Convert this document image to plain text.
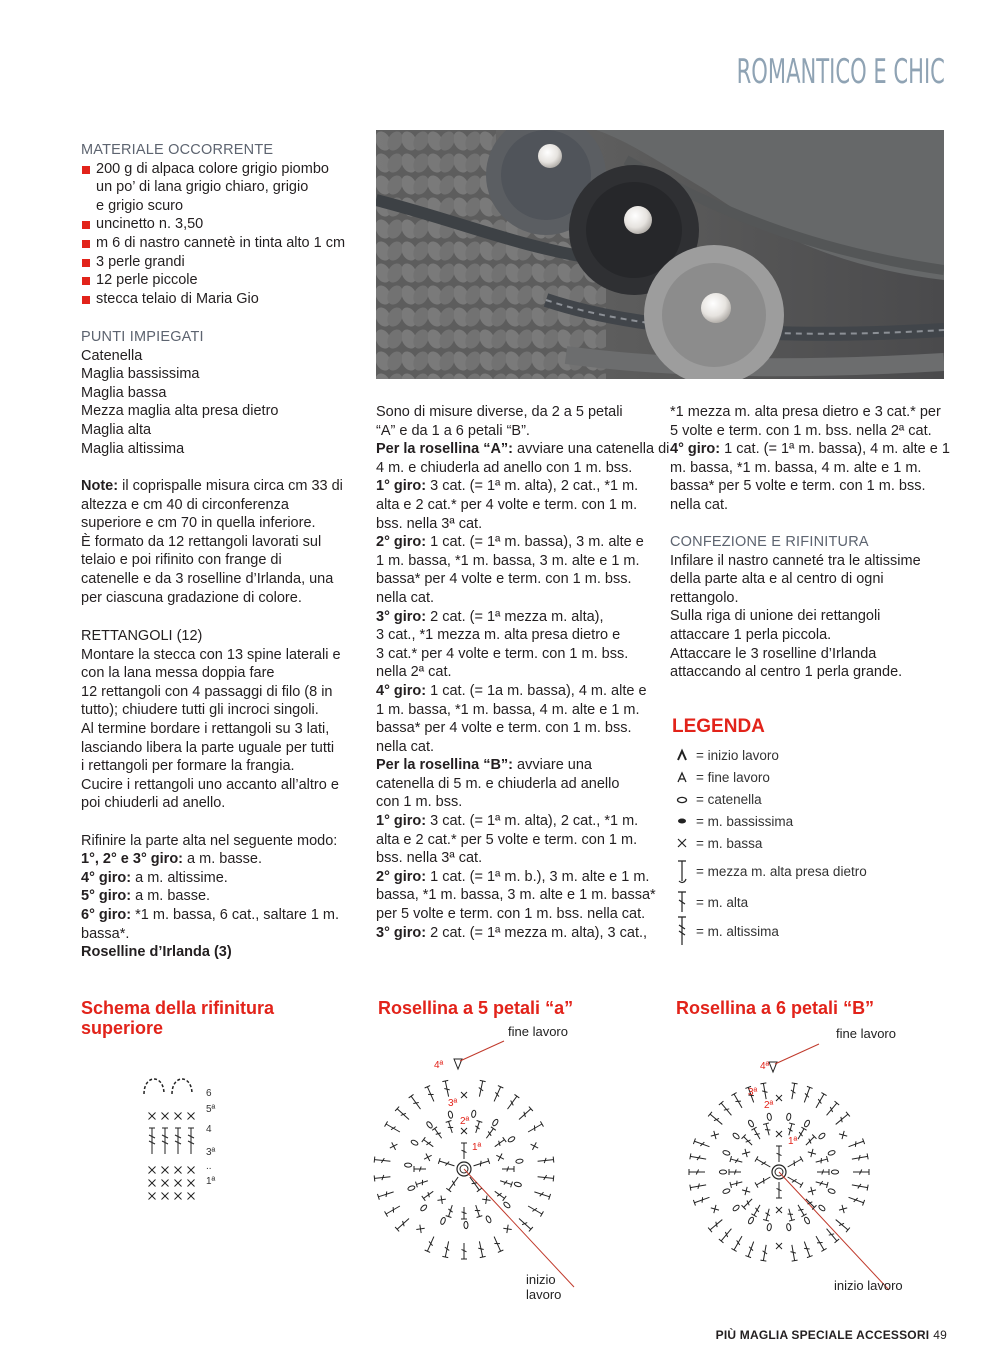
ROMANTICO E CHIC
MATERIALE OCCORRENTE
200 g di alpaca colore grigio piombo
un po’ di lana grigio chiaro, grigio
e grigio scuro
uncinetto n. 3,50
m 6 di nastro cannetè in tinta alto 1 cm
3 perle grandi
12 perle piccole
stecca telaio di Maria Gio
PUNTI IMPIEGATI
Catenella
Maglia bassissima
Maglia bassa
Mezza maglia alta presa dietro
Maglia alta
Maglia altissima
Note: il coprispalle misura circa cm 33 di
altezza e cm 40 di circonferenza
superiore e cm 70 in quella inferiore.
È formato da 12 rettangoli lavorati sul
telaio e poi rifinito con frange di
catenelle e da 3 roselline d’Irlanda, una
per ciascuna gradazione di colore.
RETTANGOLI (12)
Montare la stecca con 13 spine laterali e
con la lana messa doppia fare
12 rettangoli con 4 passaggi di filo (8 in
tutto); chiudere tutti gli incroci singoli.
Al termine bordare i rettangoli su 3 lati,
lasciando libera la parte uguale per tutti
i rettangoli per formare la frangia.
Cucire i rettangoli uno accanto all’altro e
poi chiuderli ad anello.
Rifinire la parte alta nel seguente modo:
1°, 2° e 3° giro: a m. basse.
4° giro: a m. altissime.
5° giro: a m. basse.
6° giro: *1 m. bassa, 6 cat., saltare 1 m.
bassa*.
Roselline d’Irlanda (3)
Sono di misure diverse, da 2 a 5 petali
“A” e da 1 a 6 petali “B”.
Per la rosellina “A”: avviare una catenella di
4 m. e chiuderla ad anello con 1 m. bss.
1° giro: 3 cat. (= 1ª m. alta), 2 cat., *1 m.
alta e 2 cat.* per 4 volte e term. con 1 m.
bss. nella 3ª cat.
2° giro: 1 cat. (= 1ª m. bassa), 3 m. alte e
1 m. bassa, *1 m. bassa, 3 m. alte e 1 m.
bassa* per 4 volte e term. con 1 m. bss.
nella cat.
3° giro: 2 cat. (= 1ª mezza m. alta),
3 cat., *1 mezza m. alta presa dietro e
3 cat.* per 4 volte e term. con 1 m. bss.
nella 2ª cat.
4° giro: 1 cat. (= 1a m. bassa), 4 m. alte e
1 m. bassa, *1 m. bassa, 4 m. alte e 1 m.
bassa* per 4 volte e term. con 1 m. bss.
nella cat.
Per la rosellina “B”: avviare una
catenella di 5 m. e chiuderla ad anello
con 1 m. bss.
1° giro: 3 cat. (= 1ª m. alta), 2 cat., *1 m.
alta e 2 cat.* per 5 volte e term. con 1 m.
bss. nella 3ª cat.
2° giro: 1 cat. (= 1ª m. b.), 3 m. alte e 1 m.
bassa, *1 m. bassa, 3 m. alte e 1 m. bassa*
per 5 volte e term. con 1 m. bss. nella cat.
3° giro: 2 cat. (= 1ª mezza m. alta), 3 cat.,
*1 mezza m. alta presa dietro e 3 cat.* per
5 volte e term. con 1 m. bss. nella 2ª cat.
4° giro: 1 cat. (= 1ª m. bassa), 4 m. alte e 1
m. bassa, *1 m. bassa, 4 m. alte e 1 m.
bassa* per 5 volte e term. con 1 m. bss.
nella cat.
CONFEZIONE E RIFINITURA
Infilare il nastro canneté tra le altissime
della parte alta e al centro di ogni
rettangolo.
Sulla riga di unione dei rettangoli
attaccare 1 perla piccola.
Attaccare le 3 roselline d’Irlanda
attaccando al centro 1 perla grande.
LEGENDA
= inizio lavoro
= fine lavoro
= catenella
= m. bassissima
= m. bassa
= mezza m. alta presa dietro
= m. alta
= m. altissima
Schema della rifinitura
superiore
Rosellina a 5 petali “a”	Rosellina a 6 petali “B”
6
5ª
4
3ª
..
1ª
fine lavoro
inizio lavoro
4ª
3ª
2ª
1ª
fine lavoro
inizio lavoro
4ª
3ª
2ª
1ª
PIÙ MAGLIA SPECIALE ACCESSORI 49
